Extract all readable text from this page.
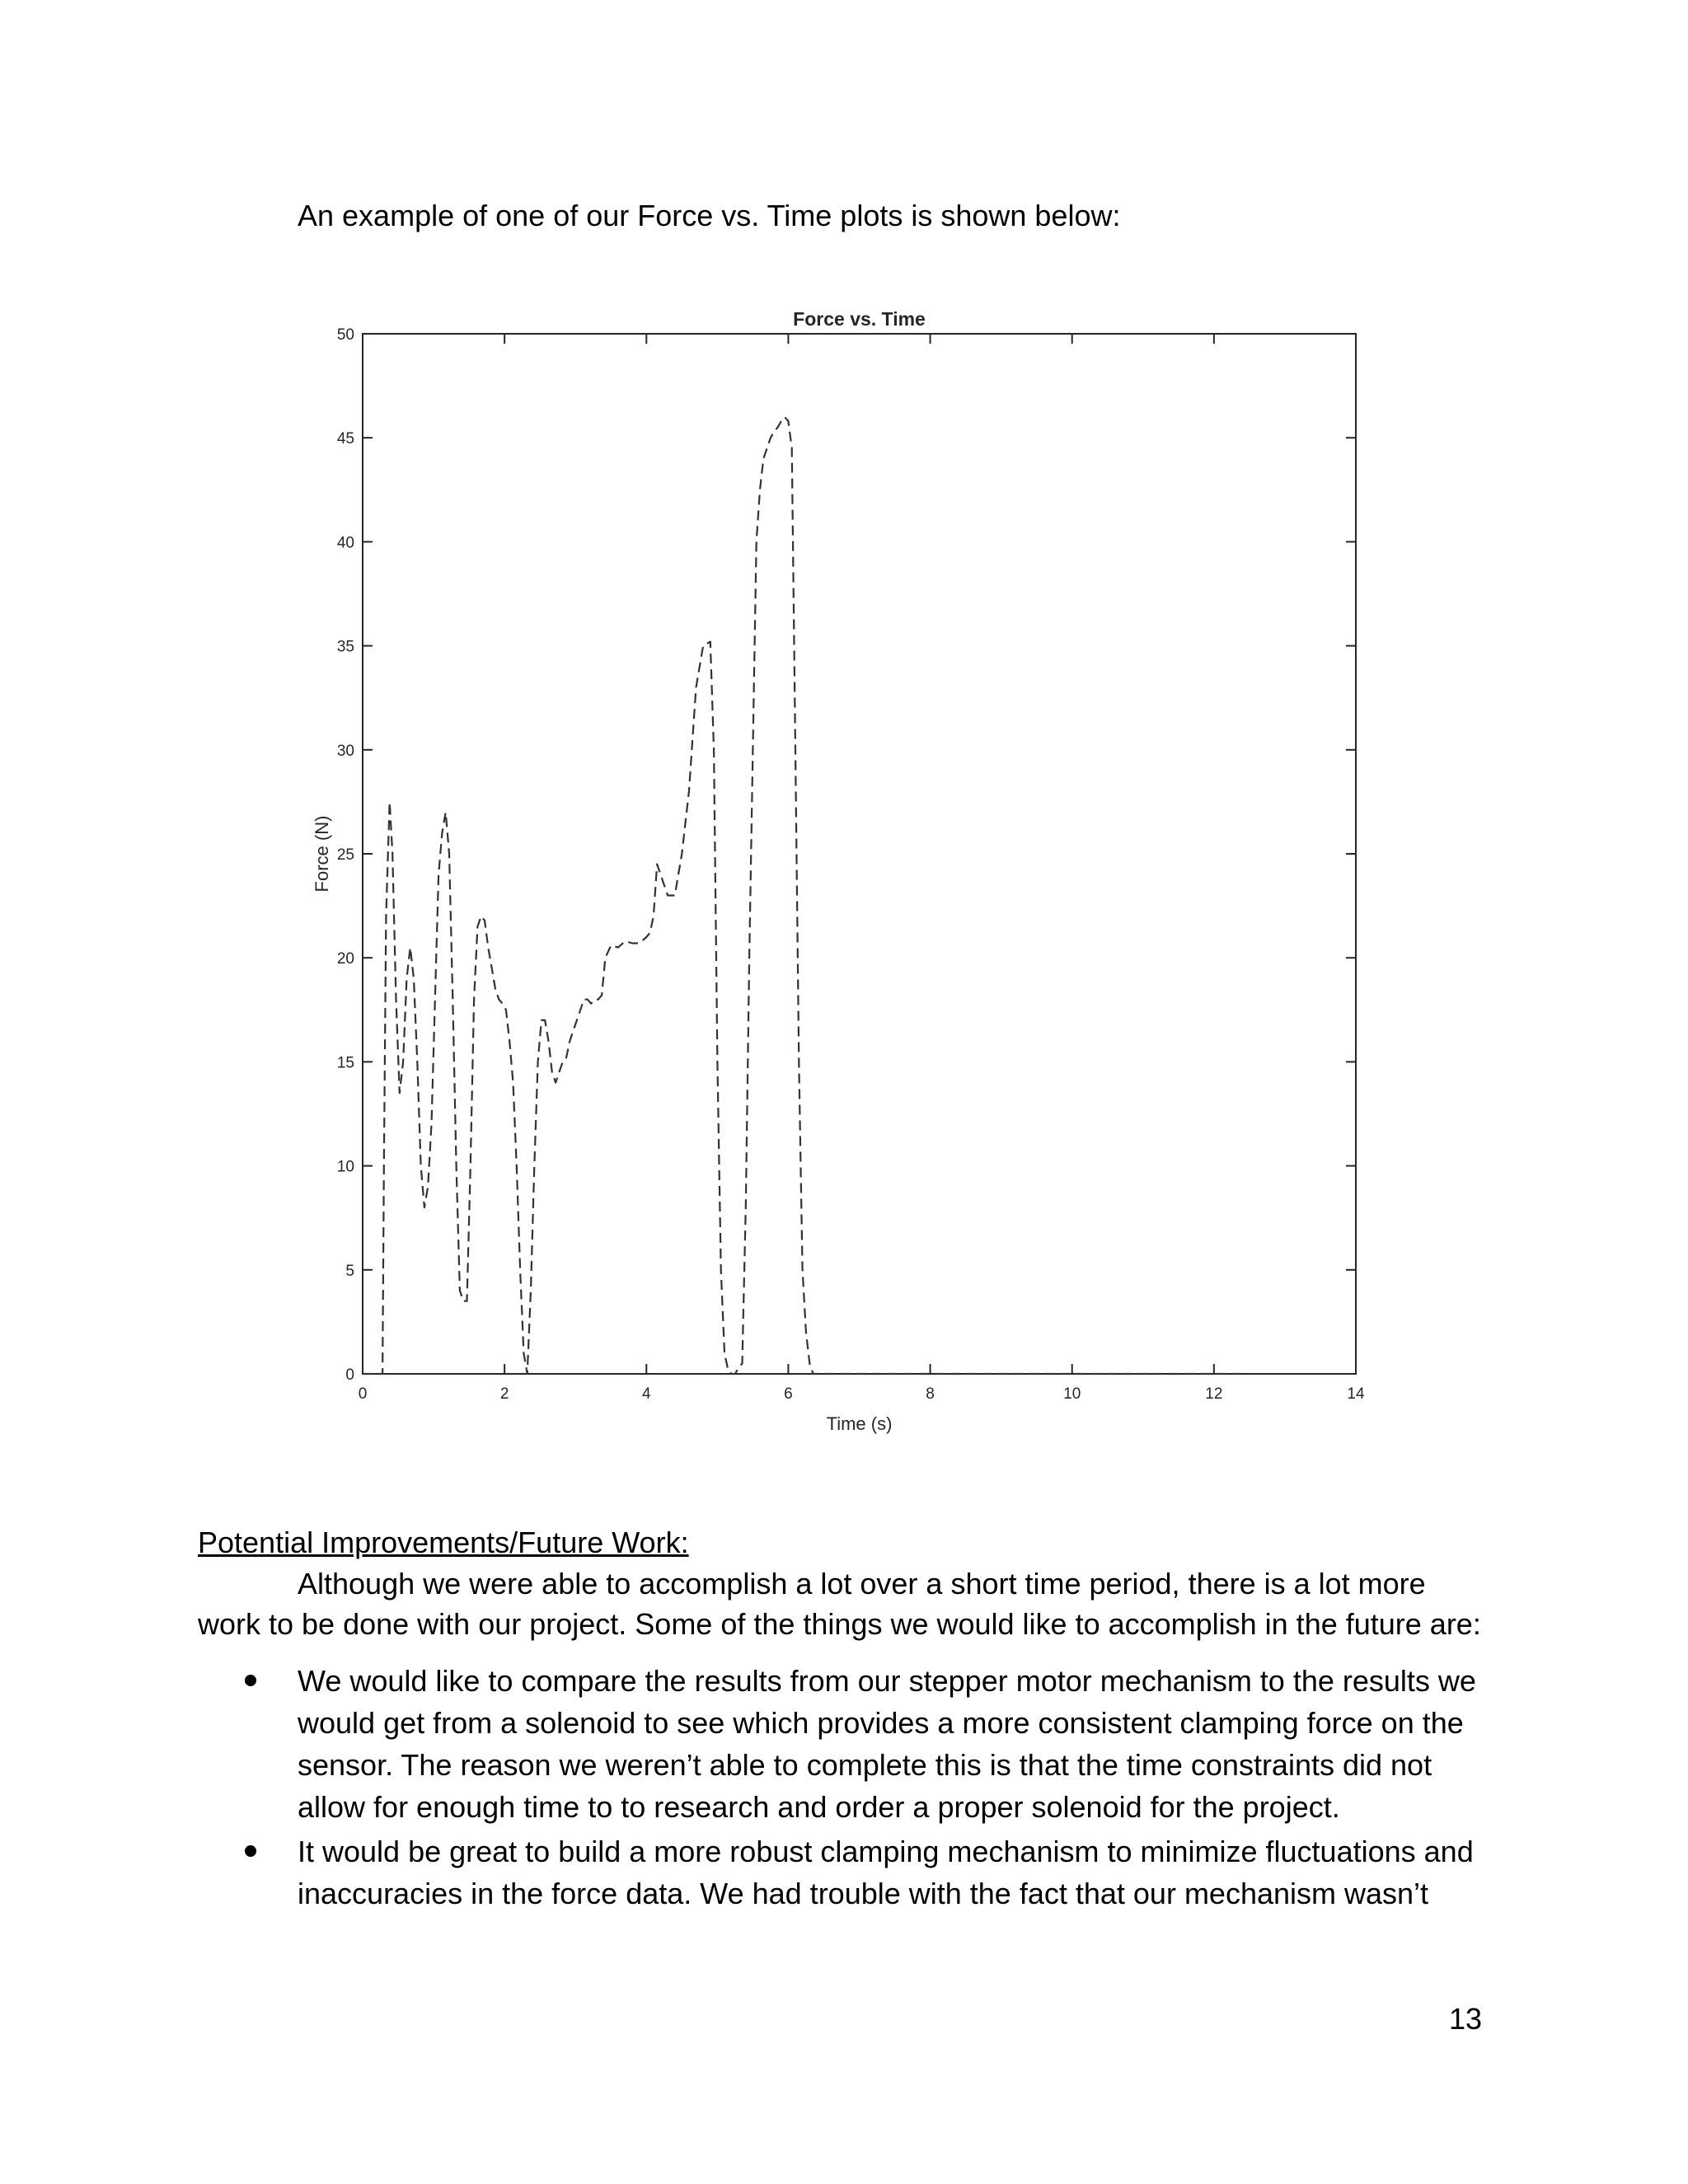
An example of one of our Force vs. Time plots is shown below:

0	2	4	6	8	10	12	14
0
5
10
15
20
25
30
35
40
45
50
Force vs. Time
Time (s)
Force (N)
Potential Improvements/Future Work:

Although we were able to accomplish a lot over a short time period, there is a lot more work to be done with our project. Some of the things we would like to accomplish in the future are:

We would like to compare the results from our stepper motor mechanism to the results we would get from a solenoid to see which provides a more consistent clamping force on the sensor. The reason we weren’t able to complete this is that the time constraints did not allow for enough time to to research and order a proper solenoid for the project.
It would be great to build a more robust clamping mechanism to minimize fluctuations and inaccuracies in the force data. We had trouble with the fact that our mechanism wasn’t

13
